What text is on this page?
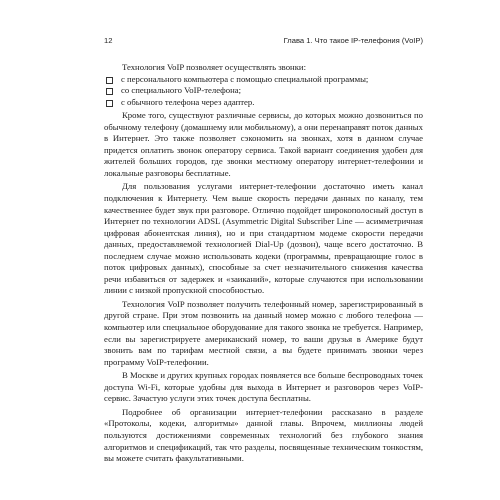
12	Глава 1. Что такое IP-телефония (VoIP)

Технология VoIP позволяет осуществлять звонки:

с персонального компьютера с помощью специальной программы;
со специального VoIP-телефона;
с обычного телефона через адаптер.

Кроме того, существуют различные сервисы, до которых можно дозвониться по обычному телефону (домашнему или мобильному), а они перенаправят поток данных в Интернет. Это также позволяет сэкономить на звонках, хотя в данном случае придется оплатить звонок оператору сервиса. Такой вариант соединения удобен для жителей больших городов, где звонки местному оператору интернет-телефонии и локальные разговоры бесплатные.

Для пользования услугами интернет-телефонии достаточно иметь канал подключения к Интернету. Чем выше скорость передачи данных по каналу, тем качественнее будет звук при разговоре. Отлично подойдет широкополосный доступ в Интернет по технологии ADSL (Asymmetric Digital Subscriber Line — асимметричная цифровая абонентская линия), но и при стандартном модеме скорости передачи данных, предоставляемой технологией Dial-Up (дозвон), чаще всего достаточно. В последнем случае можно использовать кодеки (программы, превращающие голос в поток цифровых данных), способные за счет незначительного снижения качества речи избавиться от задержек и «заиканий», которые случаются при использовании линии с низкой пропускной способностью.

Технология VoIP позволяет получить телефонный номер, зарегистрированный в другой стране. При этом позвонить на данный номер можно с любого телефона — компьютер или специальное оборудование для такого звонка не требуется. Например, если вы зарегистрируете американский номер, то ваши друзья в Америке будут звонить вам по тарифам местной связи, а вы будете принимать звонки через программу VoIP-телефонии.

В Москве и других крупных городах появляется все больше беспроводных точек доступа Wi-Fi, которые удобны для выхода в Интернет и разговоров через VoIP-сервис. Зачастую услуги этих точек доступа бесплатны.

Подробнее об организации интернет-телефонии рассказано в разделе «Протоколы, кодеки, алгоритмы» данной главы. Впрочем, миллионы людей пользуются достижениями современных технологий без глубокого знания алгоритмов и спецификаций, так что разделы, посвященные техническим тонкостям, вы можете считать факультативными.
